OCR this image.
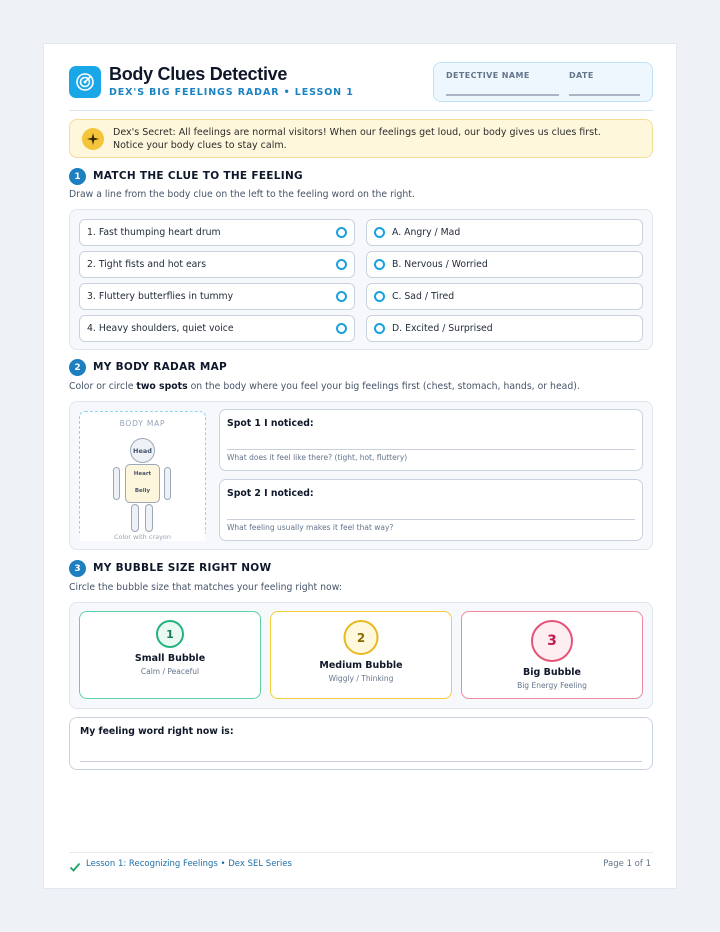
Body Clues Detective
DEX'S BIG FEELINGS RADAR • LESSON 1
DETECTIVE NAME	DATE
Dex's Secret: All feelings are normal visitors! When our feelings get loud, our body gives us clues first. Notice your body clues to stay calm.
1	MATCH THE CLUE TO THE FEELING
Draw a line from the body clue on the left to the feeling word on the right.
1. Fast thumping heart drum
2. Tight fists and hot ears
3. Fluttery butterflies in tummy
4. Heavy shoulders, quiet voice
A. Angry / Mad
B. Nervous / Worried
C. Sad / Tired
D. Excited / Surprised
2	MY BODY RADAR MAP
Color or circle two spots on the body where you feel your big feelings first (chest, stomach, hands, or head).
BODY MAP
Head
Heart
Belly
Color with crayon
Spot 1 I noticed:
What does it feel like there? (tight, hot, fluttery)
Spot 2 I noticed:
What feeling usually makes it feel that way?
3	MY BUBBLE SIZE RIGHT NOW
Circle the bubble size that matches your feeling right now:
1
Small Bubble
Calm / Peaceful
2
Medium Bubble
Wiggly / Thinking
3
Big Bubble
Big Energy Feeling
My feeling word right now is:
Lesson 1: Recognizing Feelings • Dex SEL Series	Page 1 of 1
